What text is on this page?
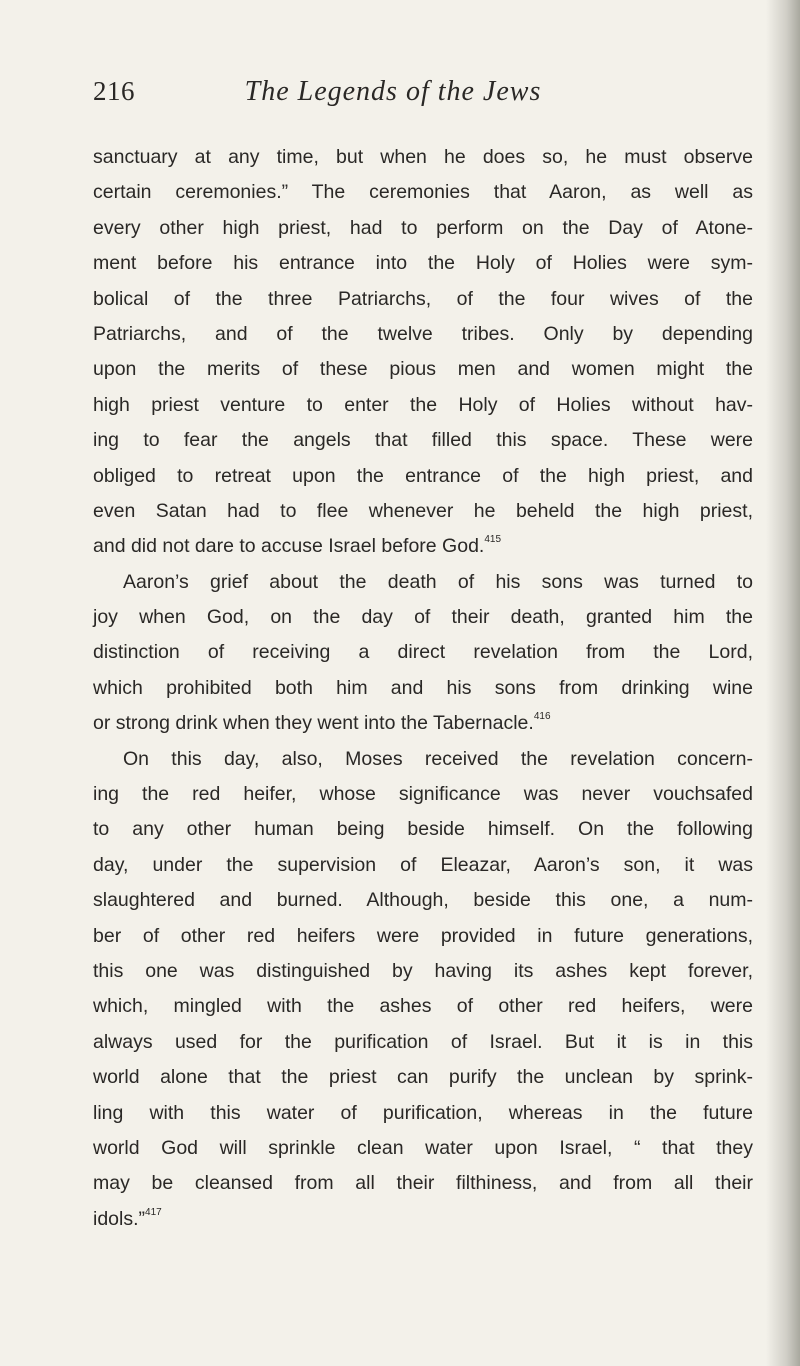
216	The Legends of the Jews
sanctuary at any time, but when he does so, he must observe
certain ceremonies.” The ceremonies that Aaron, as well as
every other high priest, had to perform on the Day of Atone-
ment before his entrance into the Holy of Holies were sym-
bolical of the three Patriarchs, of the four wives of the
Patriarchs, and of the twelve tribes. Only by depending
upon the merits of these pious men and women might the
high priest venture to enter the Holy of Holies without hav-
ing to fear the angels that filled this space. These were
obliged to retreat upon the entrance of the high priest, and
even Satan had to flee whenever he beheld the high priest,
and did not dare to accuse Israel before God.$^{415}$
Aaron’s grief about the death of his sons was turned to
joy when God, on the day of their death, granted him the
distinction of receiving a direct revelation from the Lord,
which prohibited both him and his sons from drinking wine
or strong drink when they went into the Tabernacle.$^{416}$
On this day, also, Moses received the revelation concern-
ing the red heifer, whose significance was never vouchsafed
to any other human being beside himself. On the following
day, under the supervision of Eleazar, Aaron’s son, it was
slaughtered and burned. Although, beside this one, a num-
ber of other red heifers were provided in future generations,
this one was distinguished by having its ashes kept forever,
which, mingled with the ashes of other red heifers, were
always used for the purification of Israel. But it is in this
world alone that the priest can purify the unclean by sprink-
ling with this water of purification, whereas in the future
world God will sprinkle clean water upon Israel, “ that they
may be cleansed from all their filthiness, and from all their
idols.”$^{417}$
